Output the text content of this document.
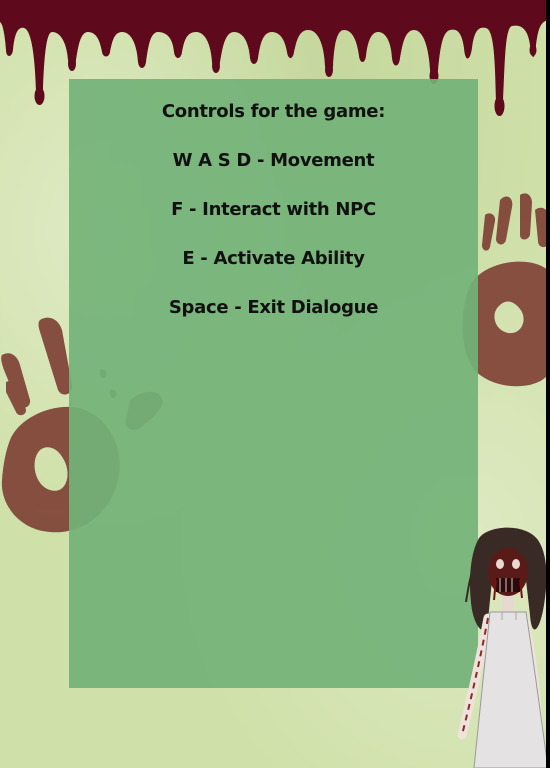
Controls for the game:
W A S D - Movement
F - Interact with NPC
E - Activate Ability
Space - Exit Dialogue
